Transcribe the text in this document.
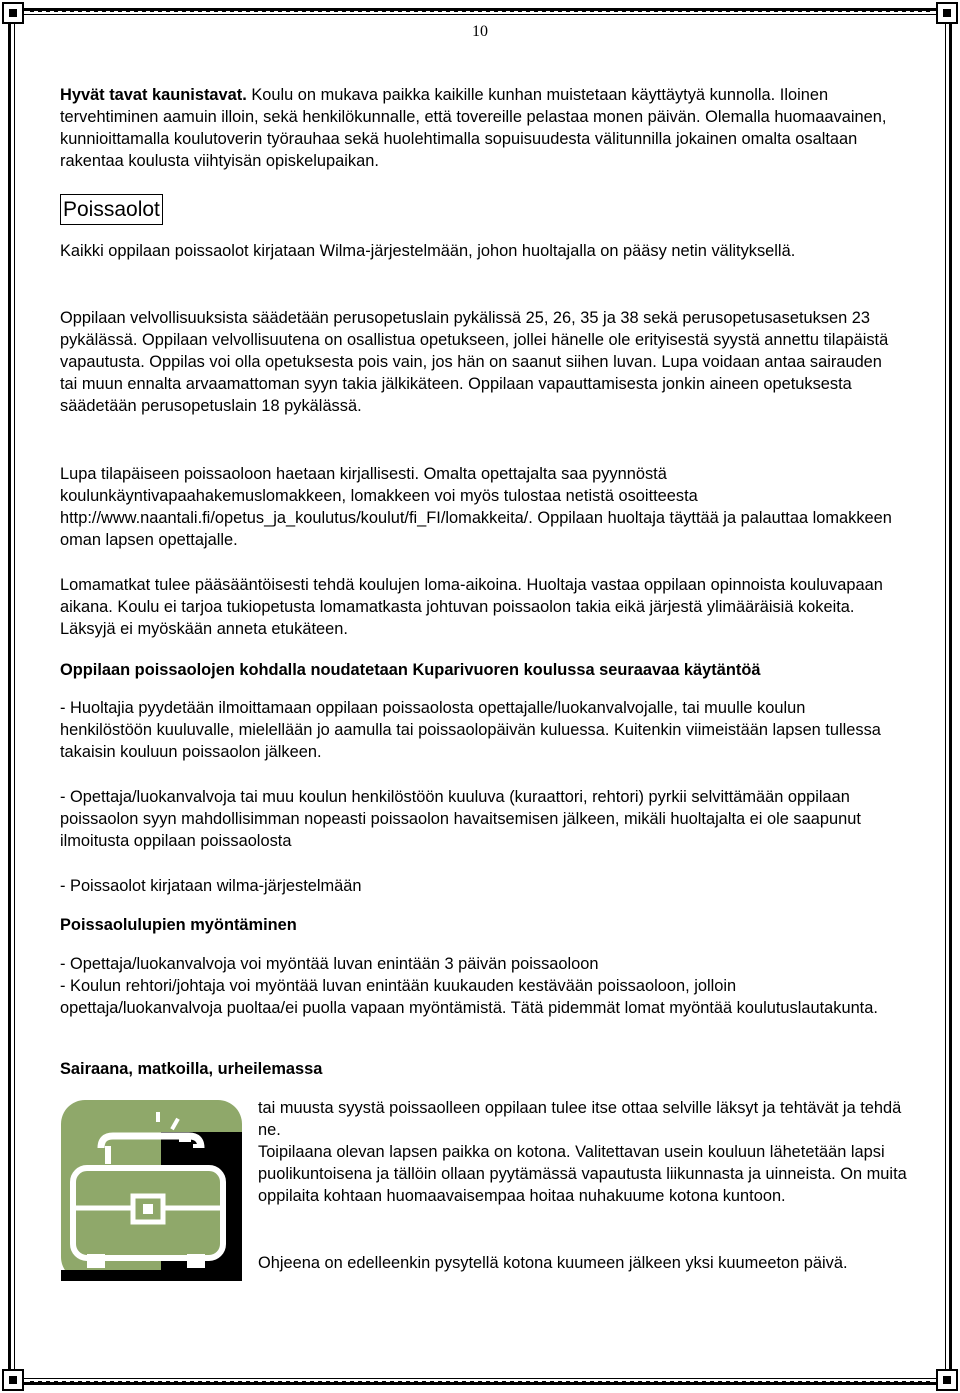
10

Hyvät tavat kaunistavat. Koulu on mukava paikka kaikille kunhan muistetaan käyttäytyä kunnolla. Iloinen tervehtiminen aamuin illoin, sekä henkilökunnalle, että tovereille pelastaa monen päivän. Olemalla huomaavainen, kunnioittamalla koulutoverin työrauhaa sekä huolehtimalla sopuisuudesta välitunnilla jokainen omalta osaltaan rakentaa koulusta viihtyisän opiskelupaikan.

Poissaolot

Kaikki oppilaan poissaolot kirjataan Wilma-järjestelmään, johon huoltajalla on pääsy netin välityksellä.

Oppilaan velvollisuuksista säädetään perusopetuslain pykälissä 25, 26, 35 ja 38 sekä perusopetusasetuksen 23 pykälässä. Oppilaan velvollisuutena on osallistua opetukseen, jollei hänelle ole erityisestä syystä annettu tilapäistä vapautusta. Oppilas voi olla opetuksesta pois vain, jos hän on saanut siihen luvan. Lupa voidaan antaa sairauden tai muun ennalta arvaamattoman syyn takia jälkikäteen. Oppilaan vapauttamisesta jonkin aineen opetuksesta säädetään perusopetuslain 18 pykälässä.

Lupa tilapäiseen poissaoloon haetaan kirjallisesti. Omalta opettajalta saa pyynnöstä koulunkäyntivapaahakemuslomakkeen, lomakkeen voi myös tulostaa netistä osoitteesta http://www.naantali.fi/opetus_ja_koulutus/koulut/fi_FI/lomakkeita/. Oppilaan huoltaja täyttää ja palauttaa lomakkeen oman lapsen opettajalle.

Lomamatkat tulee pääsääntöisesti tehdä koulujen loma-aikoina. Huoltaja vastaa oppilaan opinnoista kouluvapaan aikana. Koulu ei tarjoa tukiopetusta lomamatkasta johtuvan poissaolon takia eikä järjestä ylimääräisiä kokeita. Läksyjä ei myöskään anneta etukäteen.

Oppilaan poissaolojen kohdalla noudatetaan Kuparivuoren koulussa seuraavaa käytäntöä

- Huoltajia pyydetään ilmoittamaan oppilaan poissaolosta opettajalle/luokanvalvojalle, tai muulle koulun henkilöstöön kuuluvalle, mielellään jo aamulla tai poissaolopäivän kuluessa. Kuitenkin viimeistään lapsen tullessa takaisin kouluun poissaolon jälkeen.

- Opettaja/luokanvalvoja tai muu koulun henkilöstöön kuuluva (kuraattori, rehtori) pyrkii selvittämään oppilaan poissaolon syyn mahdollisimman nopeasti poissaolon havaitsemisen jälkeen, mikäli huoltajalta ei ole saapunut ilmoitusta oppilaan poissaolosta

- Poissaolot kirjataan wilma-järjestelmään

Poissaolulupien myöntäminen

- Opettaja/luokanvalvoja voi myöntää luvan enintään 3 päivän poissaoloon

- Koulun rehtori/johtaja voi myöntää luvan enintään kuukauden kestävään poissaoloon, jolloin opettaja/luokanvalvoja puoltaa/ei puolla vapaan myöntämistä. Tätä pidemmät lomat myöntää koulutuslautakunta.

Sairaana, matkoilla, urheilemassa

tai muusta syystä poissaolleen oppilaan tulee itse ottaa selville läksyt ja tehtävät ja tehdä ne.

Toipilaana olevan lapsen paikka on kotona. Valitettavan usein kouluun lähetetään lapsi puolikuntoisena ja tällöin ollaan pyytämässä vapautusta liikunnasta ja uinneista. On muita oppilaita kohtaan huomaavaisempaa hoitaa nuhakuume kotona kuntoon.

Ohjeena on edelleenkin pysytellä kotona kuumeen jälkeen yksi kuumeeton päivä.
